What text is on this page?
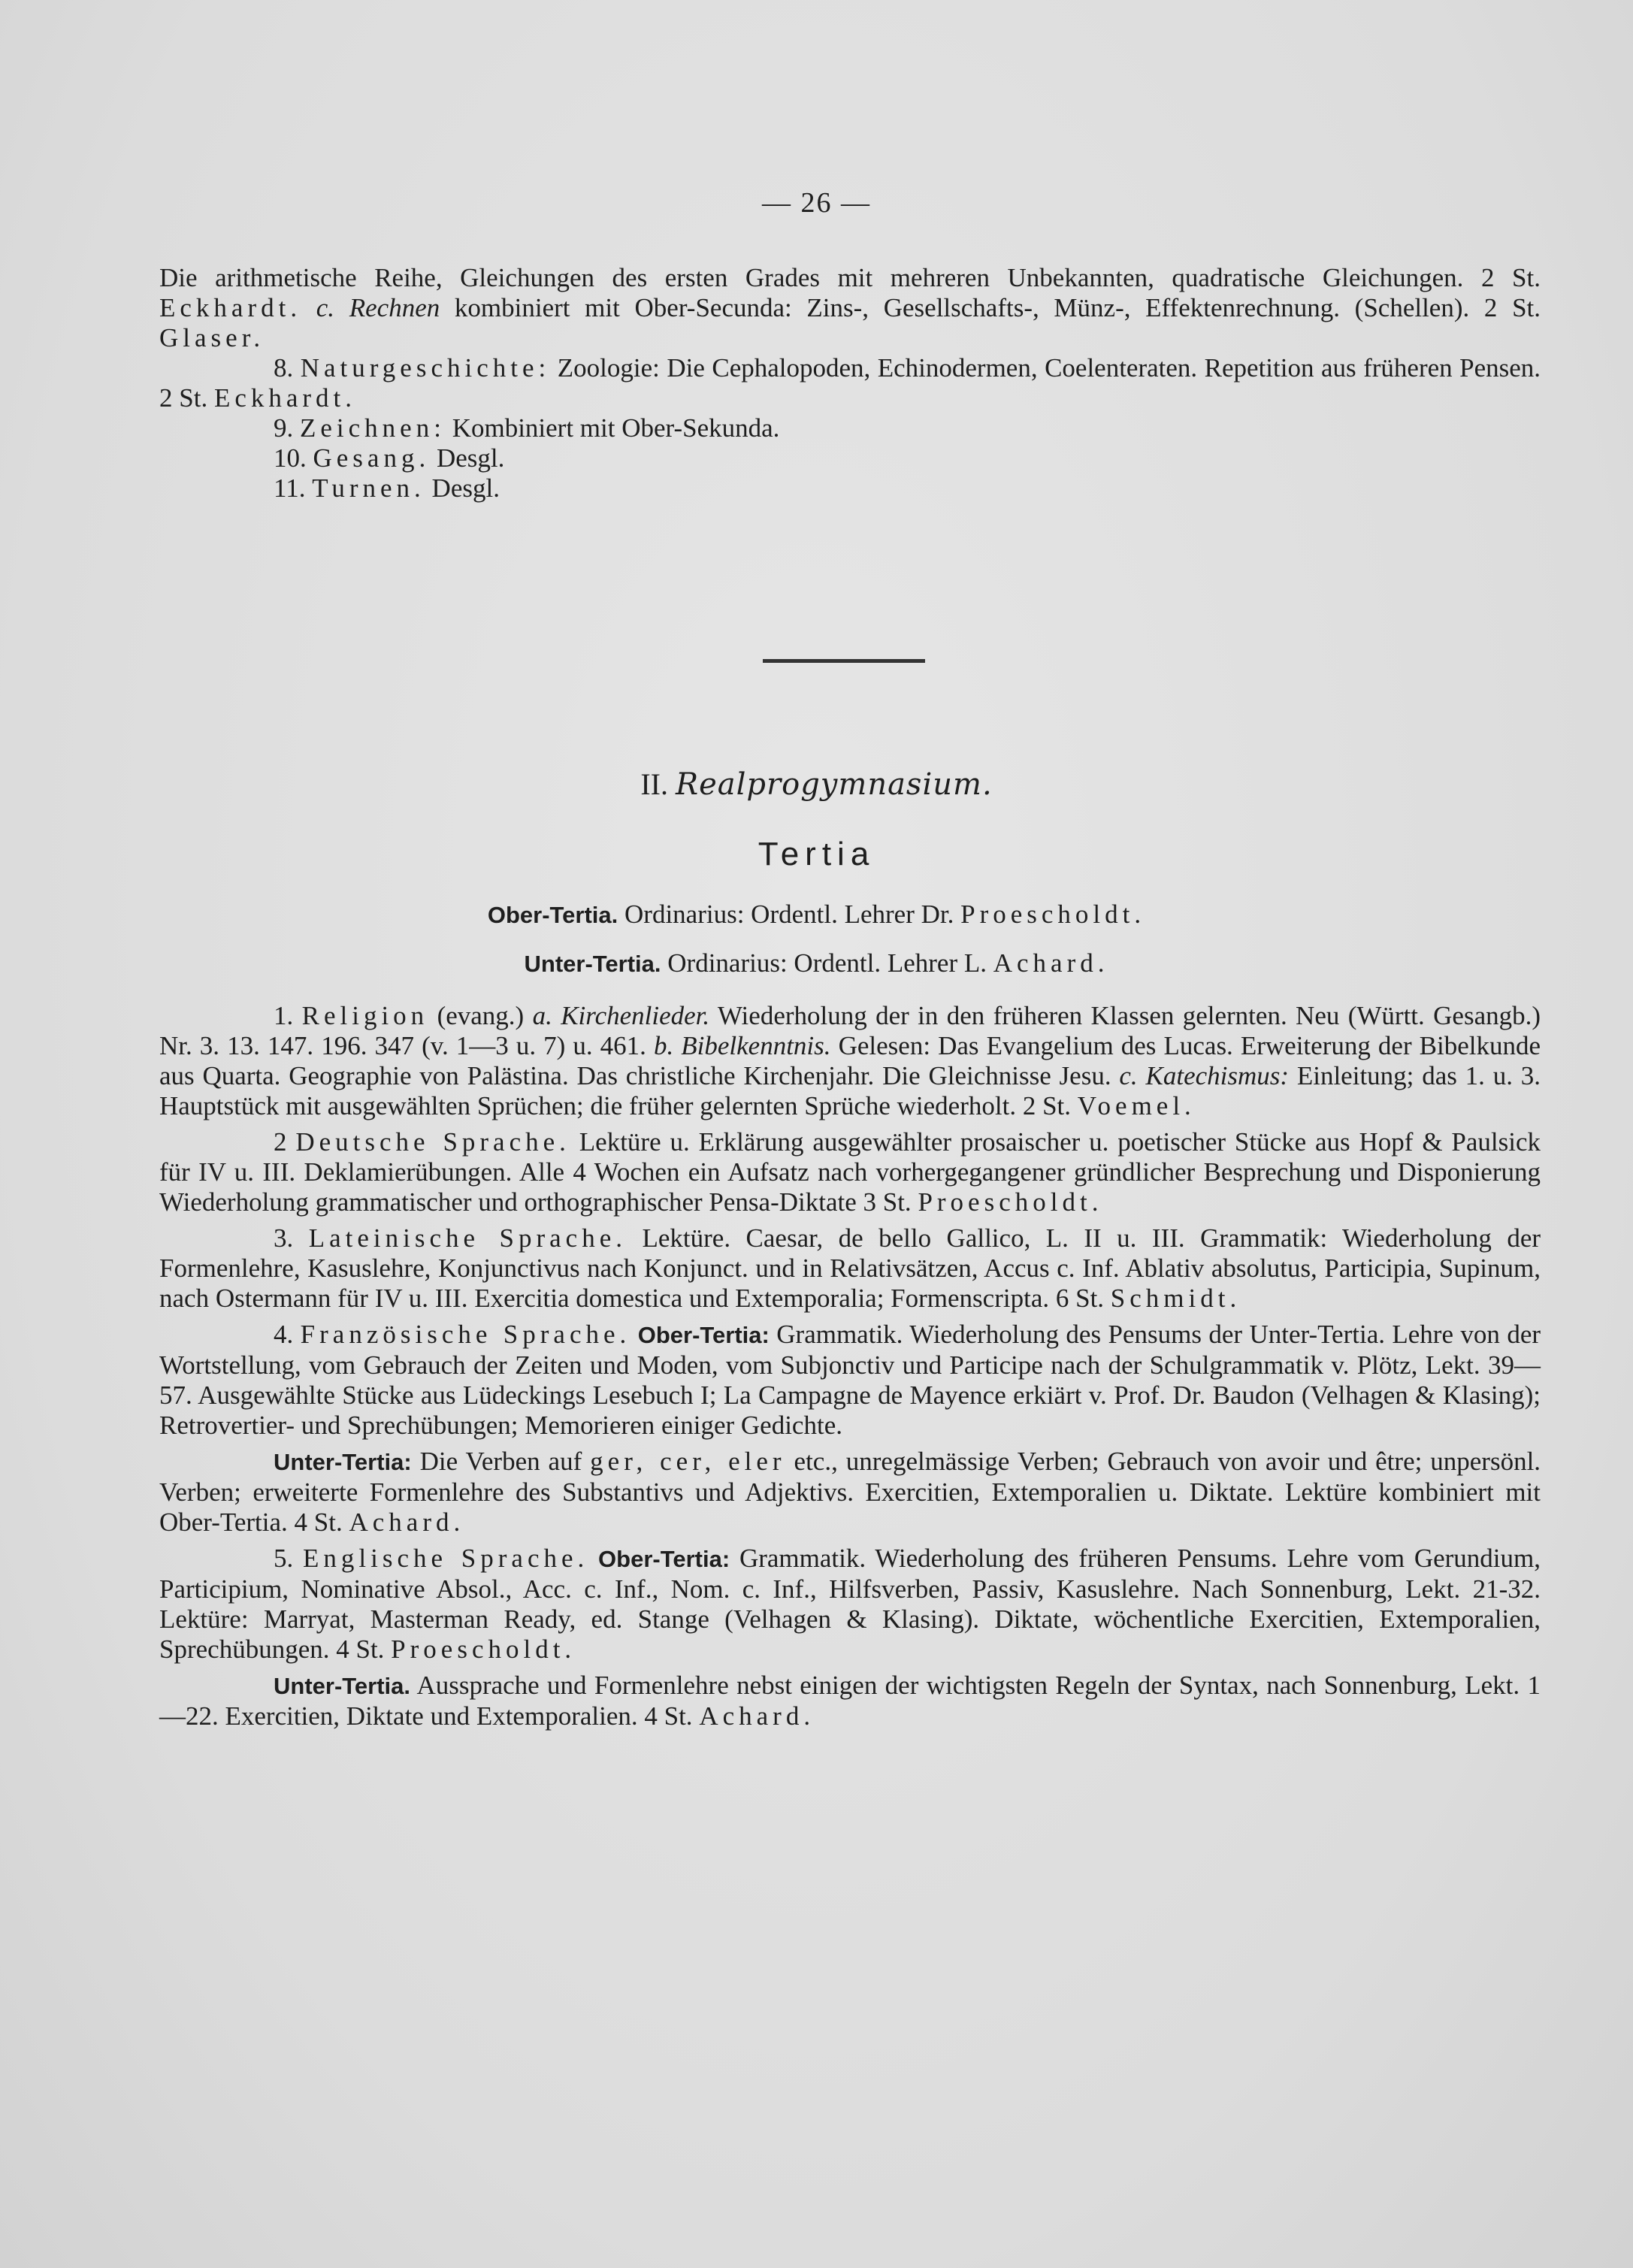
— 26 —

Die arithmetische Reihe, Gleichungen des ersten Grades mit mehreren Unbekannten, quadratische Gleichungen. 2 St. Eckhardt. c. Rechnen kombiniert mit Ober-Secunda: Zins-, Gesellschafts-, Münz-, Effektenrechnung. (Schellen). 2 St. Glaser.

8. Naturgeschichte: Zoologie: Die Cephalopoden, Echinodermen, Coelenteraten. Repetition aus früheren Pensen. 2 St. Eckhardt.

9. Zeichnen: Kombiniert mit Ober-Sekunda.

10. Gesang. Desgl.

11. Turnen. Desgl.

II. Realprogymnasium.
Tertia
Ober-Tertia. Ordinarius: Ordentl. Lehrer Dr. Proescholdt.
Unter-Tertia. Ordinarius: Ordentl. Lehrer L. Achard.

1. Religion (evang.) a. Kirchenlieder. Wiederholung der in den früheren Klassen gelernten. Neu (Württ. Gesangb.) Nr. 3. 13. 147. 196. 347 (v. 1—3 u. 7) u. 461. b. Bibelkenntnis. Gelesen: Das Evangelium des Lucas. Erweiterung der Bibelkunde aus Quarta. Geographie von Palästina. Das christliche Kirchenjahr. Die Gleichnisse Jesu. c. Katechismus: Einleitung; das 1. u. 3. Hauptstück mit ausgewählten Sprüchen; die früher gelernten Sprüche wiederholt. 2 St. Voemel.

2 Deutsche Sprache. Lektüre u. Erklärung ausgewählter prosaischer u. poetischer Stücke aus Hopf & Paulsick für IV u. III. Deklamierübungen. Alle 4 Wochen ein Aufsatz nach vorhergegangener gründlicher Besprechung und Disponierung Wiederholung grammatischer und orthographischer Pensa-Diktate 3 St. Proescholdt.

3. Lateinische Sprache. Lektüre. Caesar, de bello Gallico, L. II u. III. Grammatik: Wiederholung der Formenlehre, Kasuslehre, Konjunctivus nach Konjunct. und in Relativsätzen, Accus c. Inf. Ablativ absolutus, Participia, Supinum, nach Ostermann für IV u. III. Exercitia domestica und Extemporalia; Formenscripta. 6 St. Schmidt.

4. Französische Sprache. Ober-Tertia: Grammatik. Wiederholung des Pensums der Unter-Tertia. Lehre von der Wortstellung, vom Gebrauch der Zeiten und Moden, vom Subjonctiv und Participe nach der Schulgrammatik v. Plötz, Lekt. 39—57. Ausgewählte Stücke aus Lüdeckings Lesebuch I; La Campagne de Mayence erkiärt v. Prof. Dr. Baudon (Velhagen & Klasing); Retrovertier- und Sprechübungen; Memorieren einiger Gedichte.

Unter-Tertia: Die Verben auf ger, cer, eler etc., unregelmässige Verben; Gebrauch von avoir und être; unpersönl. Verben; erweiterte Formenlehre des Substantivs und Adjektivs. Exercitien, Extemporalien u. Diktate. Lektüre kombiniert mit Ober-Tertia. 4 St. Achard.

5. Englische Sprache. Ober-Tertia: Grammatik. Wiederholung des früheren Pensums. Lehre vom Gerundium, Participium, Nominative Absol., Acc. c. Inf., Nom. c. Inf., Hilfsverben, Passiv, Kasuslehre. Nach Sonnenburg, Lekt. 21-32. Lektüre: Marryat, Masterman Ready, ed. Stange (Velhagen & Klasing). Diktate, wöchentliche Exercitien, Extemporalien, Sprechübungen. 4 St. Proescholdt.

Unter-Tertia. Aussprache und Formenlehre nebst einigen der wichtigsten Regeln der Syntax, nach Sonnenburg, Lekt. 1—22. Exercitien, Diktate und Extemporalien. 4 St. Achard.
